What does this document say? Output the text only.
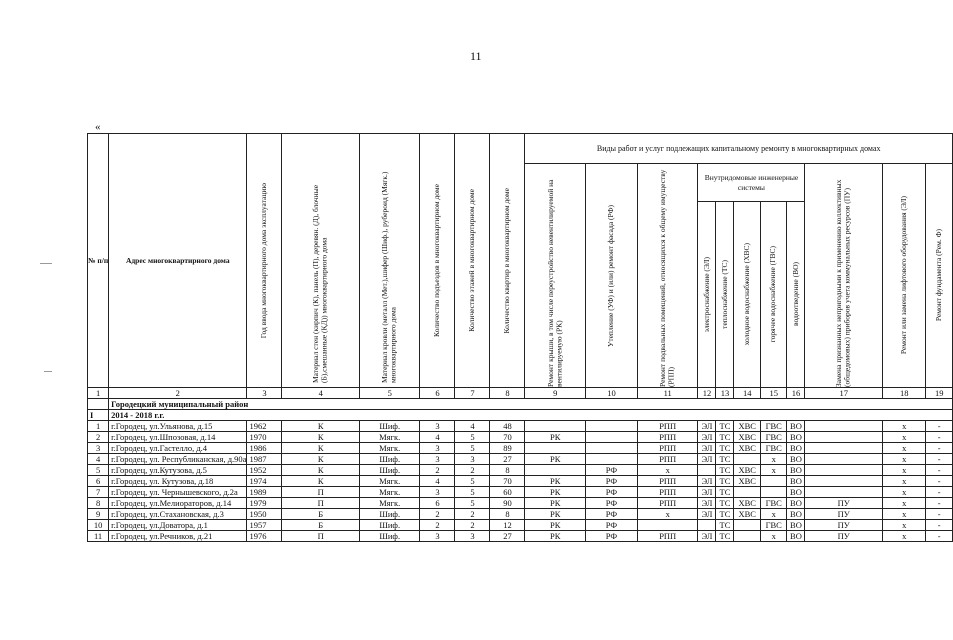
11
«
№ п/п	Адрес многоквартирного дома	Год ввода многоквартирного дома эксплуатацию	Материал стен (кирпич (К), панель (П), деревян. (Д), блочные (Б),смешанные (КД)) многоквартирного дома	Материал кровли (металл (Мет.),шифер (Шиф.), рубероид (Мягк.) многоквартирного дома	Количество подъездов в многоквартирном доме	Количество этажей в многоквартирном доме	Количество квартир в многоквартирном доме	Виды работ и услуг подлежащих капитальному ремонту в многоквартирных домах										

								Ремонт крыши, в том числе переустройство невентилируемой на вентилируемую (РК)	Утепление (УФ) и (или) ремонт фасада (РФ)	Ремонт подвальных помещений, относящихся к общему имуществу (РПП)	Внутридомовые инженерные системы					Замена признанных непригодными к применению коллективных (общедомовых) приборов учета коммунальных ресурсов (ПУ)	Ремонт или замена лифтового оборудования (ЭЛ)	Ремонт фундамента (Рем. Ф)

											электроснабжение (ЭЛ)	теплоснабжение (ТС)	холодное водоснабжение (ХВС)	горячее водоснабжение (ГВС)	водоотведение (ВО)			

1	2	3	4	5	6	7	8	9	10	11	12	13	14	15	16	17	18	19
	Городецкий муниципальный район																	
I	2014 - 2018 г.г.																	
1	г.Городец, ул.Ульянова, д.15	1962	К	Шиф.	3	4	48			РПП	ЭЛ	ТС	ХВС	ГВС	ВО		х	-
2	г.Городец, ул.Шпозовая, д.14	1970	К	Мягк.	4	5	70	РК		РПП	ЭЛ	ТС	ХВС	ГВС	ВО		х	-
3	г.Городец, ул.Гастелло, д.4	1986	К	Мягк.	3	5	89			РПП	ЭЛ	ТС	ХВС	ГВС	ВО		х	-
4	г.Городец, ул. Республиканская, д.90а	1987	К	Шиф.	3	3	27	РК		РПП	ЭЛ	ТС		х	ВО		х	-
5	г.Городец, ул.Кутузова, д.5	1952	К	Шиф.	2	2	8		РФ	х		ТС	ХВС	х	ВО		х	-
6	г.Городец, ул. Кутузова, д.18	1974	К	Мягк.	4	5	70	РК	РФ	РПП	ЭЛ	ТС	ХВС		ВО		х	-
7	г.Городец, ул. Чернышевского, д.2а	1989	П	Мягк.	3	5	60	РК	РФ	РПП	ЭЛ	ТС			ВО		х	-
8	г.Городец, ул.Мелиораторов, д.14	1979	П	Мягк.	6	5	90	РК	РФ	РПП	ЭЛ	ТС	ХВС	ГВС	ВО	ПУ	х	-
9	г.Городец, ул.Стахановская, д.3	1950	Б	Шиф.	2	2	8	РК	РФ	х	ЭЛ	ТС	ХВС	х	ВО	ПУ	х	-
10	г.Городец, ул.Доватора, д.1	1957	Б	Шиф.	2	2	12	РК	РФ			ТС		ГВС	ВО	ПУ	х	-
11	г.Городец, ул.Речников, д.21	1976	П	Шиф.	3	3	27	РК	РФ	РПП	ЭЛ	ТС		х	ВО	ПУ	х	-
